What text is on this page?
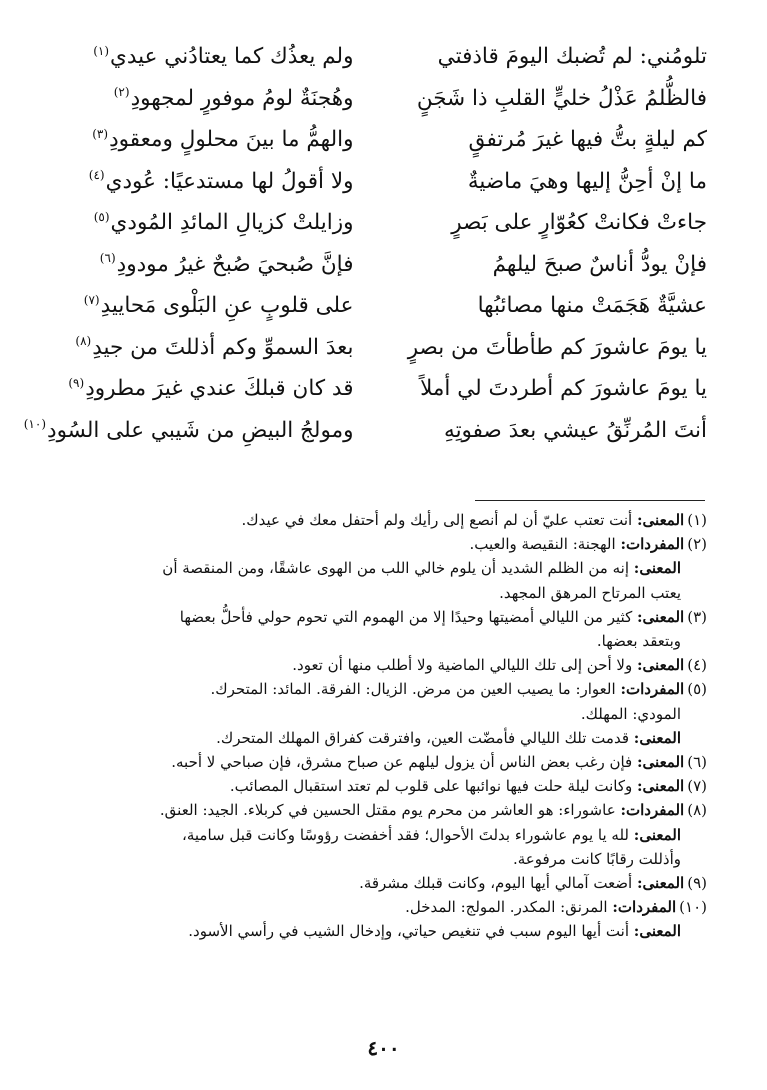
تلومُني: لم تُضبك اليومَ قاذفتي
ولم يعذُك كما يعتادُني عيدي$^{(١)}$
فالظُّلمُ عَذْلُ خليٍّ القلبِ ذا شَجَنٍ
وهُجنَةٌ لومُ موفورٍ لمجهودِ$^{(٢)}$
كم ليلةٍ بتُّ فيها غيرَ مُرتفقٍ
والهمُّ ما بينَ محلولٍ ومعقودِ$^{(٣)}$
ما إنْ أحِنُّ إليها وهيَ ماضيةٌ
ولا أقولُ لها مستدعيًا: عُودي$^{(٤)}$
جاءتْ فكانتْ كعُوّارٍ على بَصرٍ
وزايلتْ كزيالِ المائدِ المُودي$^{(٥)}$
فإنْ يودُّ أناسٌ صبحَ ليلهمُ
فإنَّ صُبحيَ صُبحٌ غيرُ مودودِ$^{(٦)}$
عشيَّةٌ هَجَمَتْ منها مصائبُها
على قلوبٍ عنِ البَلْوى مَحاييدِ$^{(٧)}$
يا يومَ عاشورَ كم طأطأتَ من بصرٍ
بعدَ السموِّ وكم أذللتَ من جيدِ$^{(٨)}$
يا يومَ عاشورَ كم أطردتَ لي أملاً
قد كان قبلكَ عندي غيرَ مطرودِ$^{(٩)}$
أنتَ المُرنِّقُ عيشي بعدَ صفوتِهِ
ومولجُ البيضِ من شَيبي على السُودِ$^{(١٠)}$
(١)المعنى: أنت تعتب عليّ أن لم أنصع إلى رأيك ولم أحتفل معك في عيدك.
(٢)المفردات: الهجنة: النقيصة والعيب.
المعنى: إنه من الظلم الشديد أن يلوم خالي اللب من الهوى عاشقًا، ومن المنقصة أن
يعتب المرتاح المرهق المجهد.
(٣)المعنى: كثير من الليالي أمضيتها وحيدًا إلا من الهموم التي تحوم حولي فأحلُّ بعضها
وبتعقد بعضها.
(٤)المعنى: ولا أحن إلى تلك الليالي الماضية ولا أطلب منها أن تعود.
(٥)المفردات: العوار: ما يصيب العين من مرض. الزيال: الفرقة. المائد: المتحرك.
المودي: المهلك.
المعنى: قدمت تلك الليالي فأمضّت العين، وافترقت كفراق المهلك المتحرك.
(٦)المعنى: فإن رغب بعض الناس أن يزول ليلهم عن صباح مشرق، فإن صباحي لا أحبه.
(٧)المعنى: وكانت ليلة حلت فيها نوائبها على قلوب لم تعتد استقبال المصائب.
(٨)المفردات: عاشوراء: هو العاشر من محرم يوم مقتل الحسين في كربلاء. الجيد: العنق.
المعنى: لله يا يوم عاشوراء بدلتَ الأحوال؛ فقد أخفضت رؤوسًا وكانت قبل سامية،
وأذللت رقابًا كانت مرفوعة.
(٩)المعنى: أضعت آمالي أيها اليوم، وكانت قبلك مشرقة.
(١٠)المفردات: المرنق: المكدر. المولج: المدخل.
المعنى: أنت أيها اليوم سبب في تنغيص حياتي، وإدخال الشيب في رأسي الأسود.
٤٠٠
